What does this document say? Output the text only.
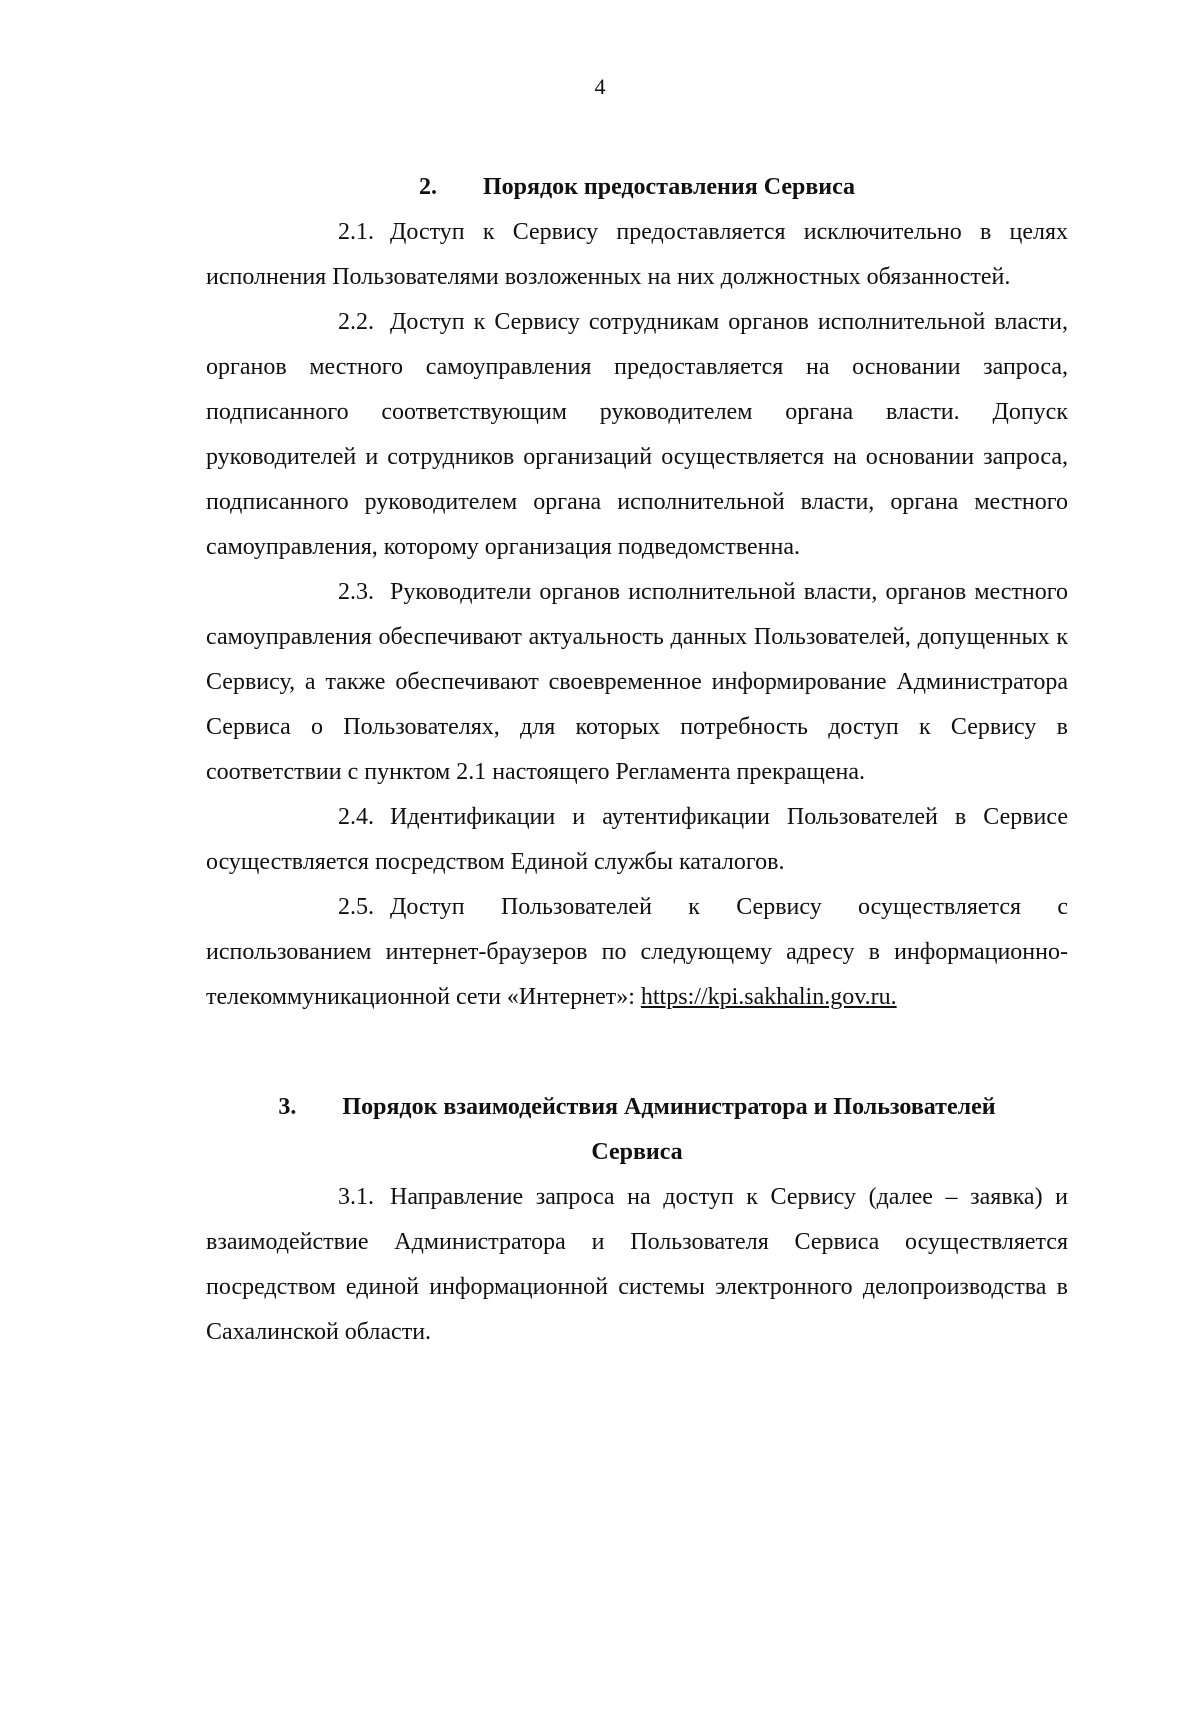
4

2. Порядок предоставления Сервиса

2.1. Доступ к Сервису предоставляется исключительно в целях исполнения Пользователями возложенных на них должностных обязанностей.

2.2. Доступ к Сервису сотрудникам органов исполнительной власти, органов местного самоуправления предоставляется на основании запроса, подписанного соответствующим руководителем органа власти. Допуск руководителей и сотрудников организаций осуществляется на основании запроса, подписанного руководителем органа исполнительной власти, органа местного самоуправления, которому организация подведомственна.

2.3. Руководители органов исполнительной власти, органов местного самоуправления обеспечивают актуальность данных Пользователей, допущенных к Сервису, а также обеспечивают своевременное информирование Администратора Сервиса о Пользователях, для которых потребность доступ к Сервису в соответствии с пунктом 2.1 настоящего Регламента прекращена.

2.4. Идентификации и аутентификации Пользователей в Сервисе осуществляется посредством Единой службы каталогов.

2.5. Доступ Пользователей к Сервису осуществляется с использованием интернет-браузеров по следующему адресу в информационно-телекоммуникационной сети «Интернет»: https://kpi.sakhalin.gov.ru.

3. Порядок взаимодействия Администратора и Пользователей
Сервиса

3.1. Направление запроса на доступ к Сервису (далее – заявка) и взаимодействие Администратора и Пользователя Сервиса осуществляется посредством единой информационной системы электронного делопроизводства в Сахалинской области.
